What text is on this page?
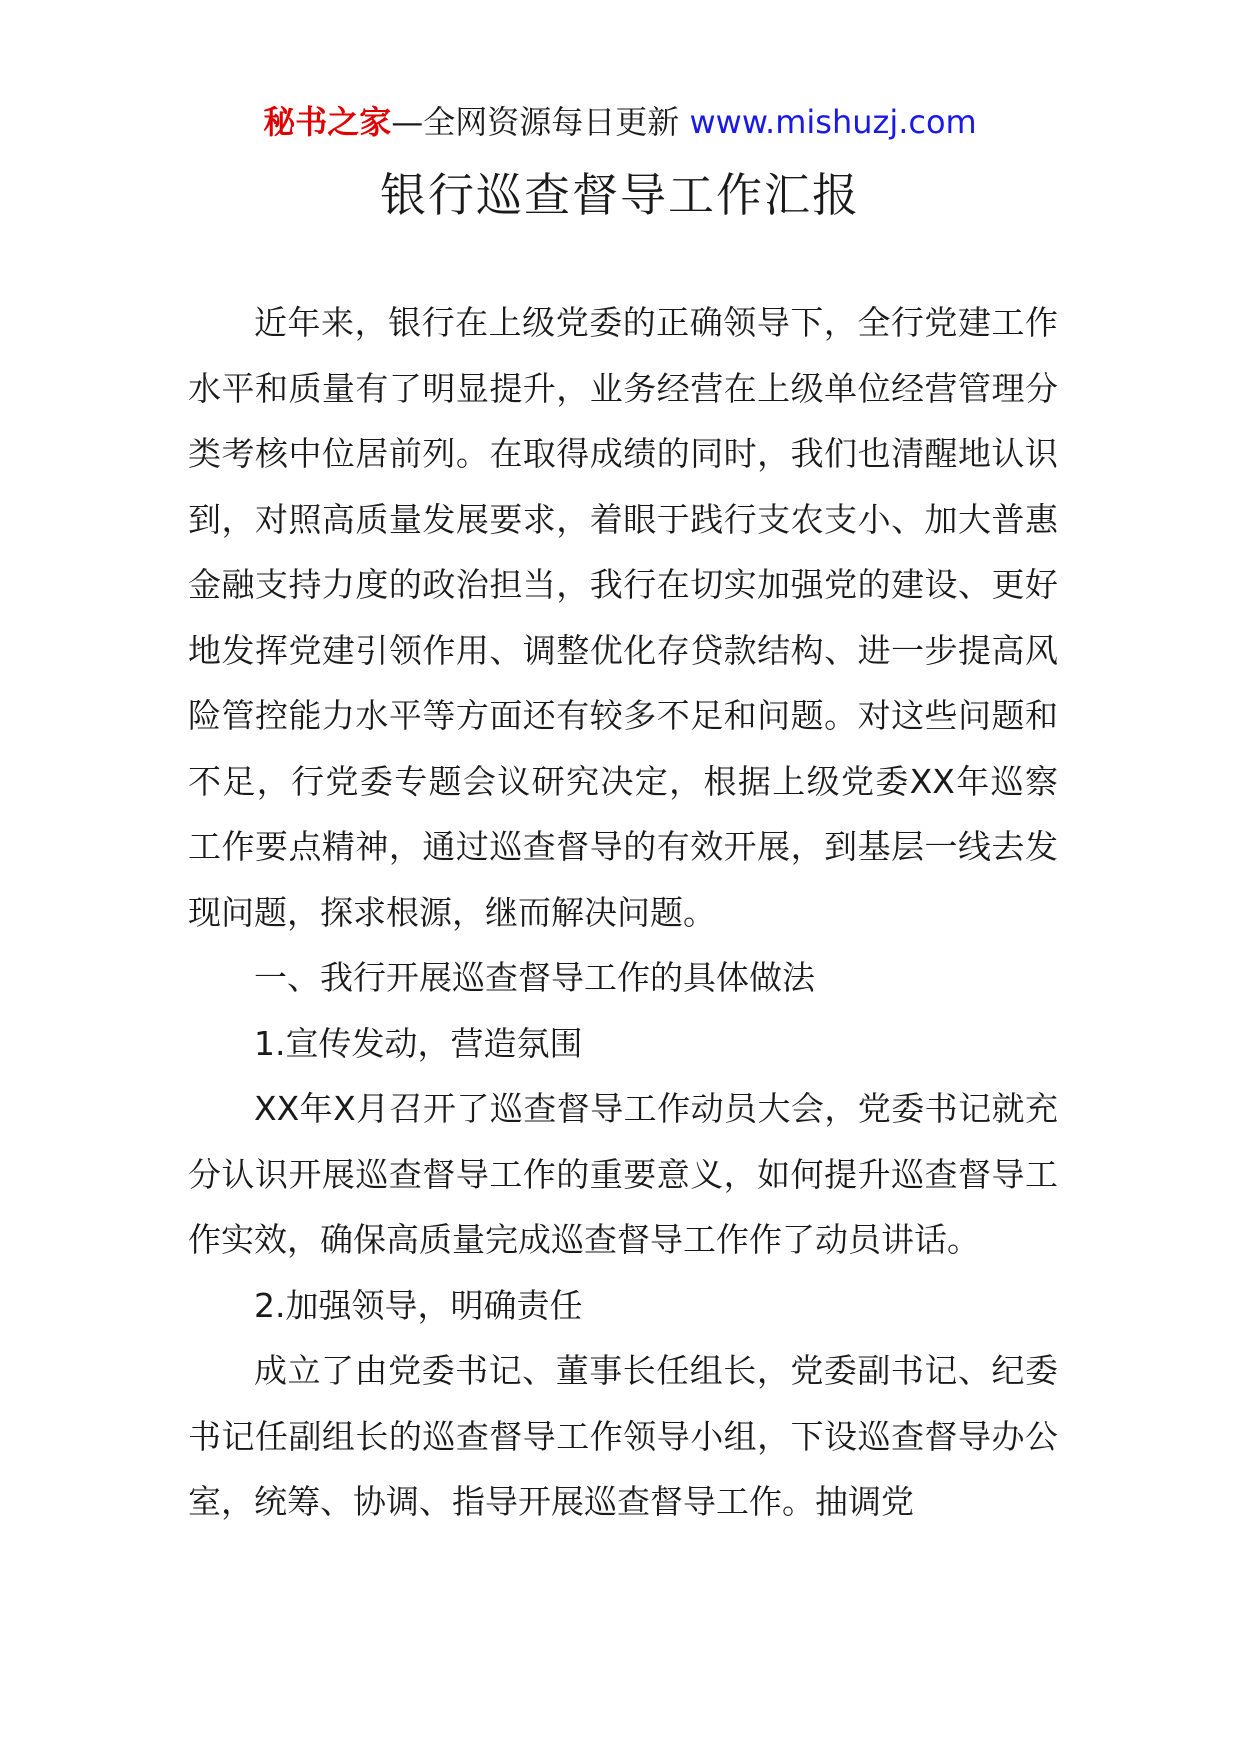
秘书之家—全网资源每日更新 www.mishuzj.com
银行巡查督导工作汇报

近年来，银行在上级党委的正确领导下，全行党建工作水平和质量有了明显提升，业务经营在上级单位经营管理分类考核中位居前列。在取得成绩的同时，我们也清醒地认识到，对照高质量发展要求，着眼于践行支农支小、加大普惠金融支持力度的政治担当，我行在切实加强党的建设、更好地发挥党建引领作用、调整优化存贷款结构、进一步提高风险管控能力水平等方面还有较多不足和问题。对这些问题和不足，行党委专题会议研究决定，根据上级党委XX年巡察工作要点精神，通过巡查督导的有效开展，到基层一线去发现问题，探求根源，继而解决问题。

一、我行开展巡查督导工作的具体做法

1.宣传发动，营造氛围

XX年X月召开了巡查督导工作动员大会，党委书记就充分认识开展巡查督导工作的重要意义，如何提升巡查督导工作实效，确保高质量完成巡查督导工作作了动员讲话。

2.加强领导，明确责任

成立了由党委书记、董事长任组长，党委副书记、纪委书记任副组长的巡查督导工作领导小组，下设巡查督导办公室，统筹、协调、指导开展巡查督导工作。抽调党
